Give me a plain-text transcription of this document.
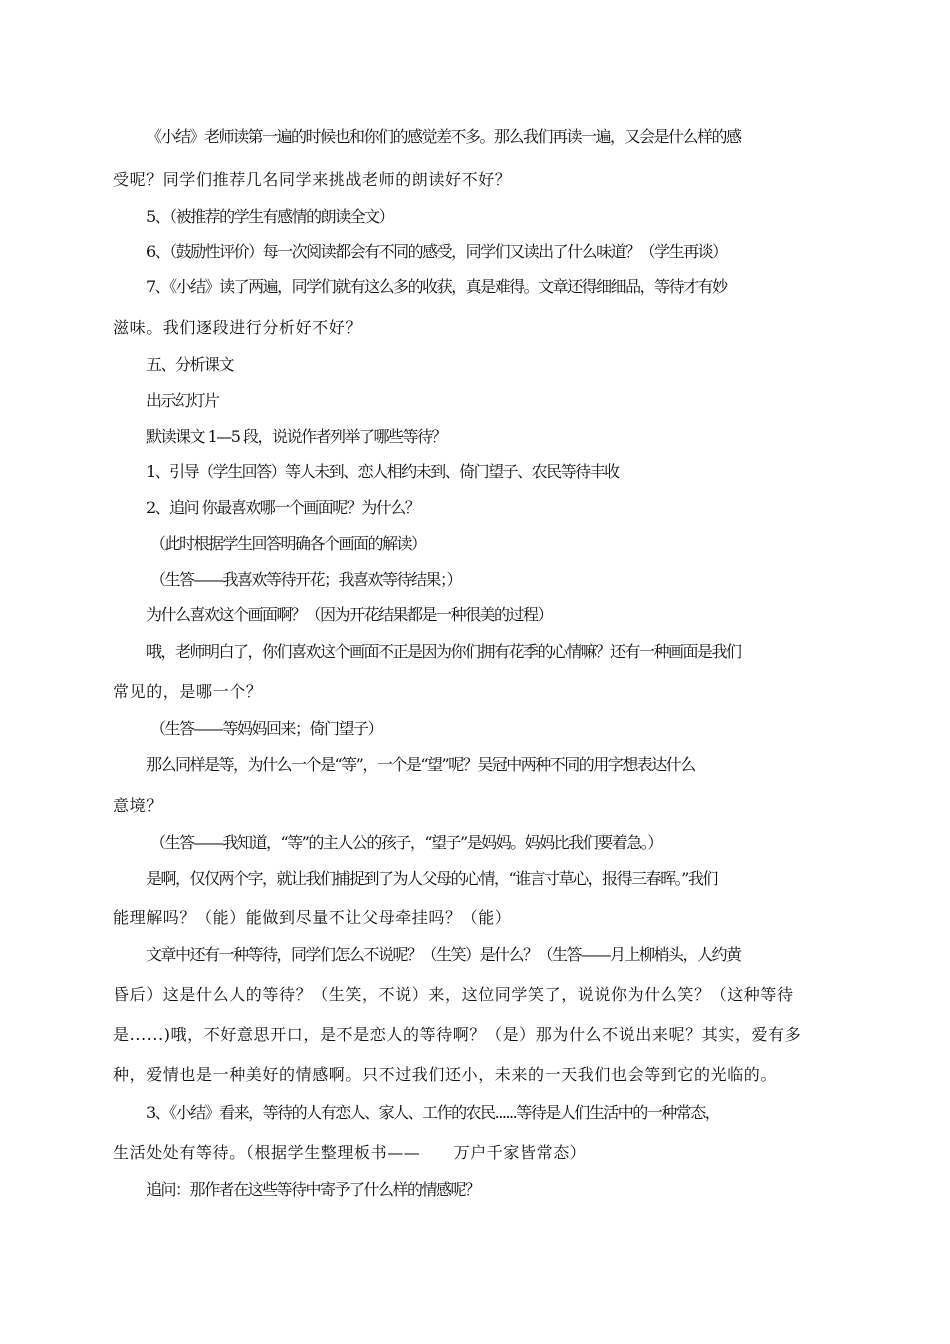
《小结》老师读第一遍的时候也和你们的感觉差不多。那么我们再读一遍，又会是什么样的感
受呢？同学们推荐几名同学来挑战老师的朗读好不好？
5、（被推荐的学生有感情的朗读全文）
6、（鼓励性评价）每一次阅读都会有不同的感受，同学们又读出了什么味道？（学生再谈）
7、《小结》读了两遍，同学们就有这么多的收获，真是难得。文章还得细细品，等待才有妙
滋味。我们逐段进行分析好不好？
五、分析课文
出示幻灯片
默读课文 1—5 段，说说作者列举了哪些等待？
1、引导（学生回答）等人未到、恋人相约未到、倚门望子、农民等待丰收
2、追问 你最喜欢哪一个画面呢？为什么？
（此时根据学生回答明确各个画面的解读）
（生答——我喜欢等待开花；我喜欢等待结果；）
为什么喜欢这个画面啊？（因为开花结果都是一种很美的过程）
哦，老师明白了，你们喜欢这个画面不正是因为你们拥有花季的心情嘛？还有一种画面是我们
常见的，是哪一个？
（生答——等妈妈回来；倚门望子）
那么同样是等，为什么一个是“等”，一个是“望”呢？吴冠中两种不同的用字想表达什么
意境？
（生答——我知道，“等”的主人公的孩子，“望子”是妈妈。妈妈比我们要着急。）
是啊，仅仅两个字，就让我们捕捉到了为人父母的心情，“谁言寸草心，报得三春晖。”我们
能理解吗？（能）能做到尽量不让父母牵挂吗？（能）
文章中还有一种等待，同学们怎么不说呢？（生笑）是什么？（生答——月上柳梢头，人约黄
昏后）这是什么人的等待？（生笑，不说）来，这位同学笑了，说说你为什么笑？（这种等待
是......)哦，不好意思开口，是不是恋人的等待啊？（是）那为什么不说出来呢？其实，爱有多
种，爱情也是一种美好的情感啊。只不过我们还小，未来的一天我们也会等到它的光临的。
3、《小结》看来，等待的人有恋人、家人、工作的农民......等待是人们生活中的一种常态，
生活处处有等待。（根据学生整理板书——　　万户千家皆常态）
追问：那作者在这些等待中寄予了什么样的情感呢？
